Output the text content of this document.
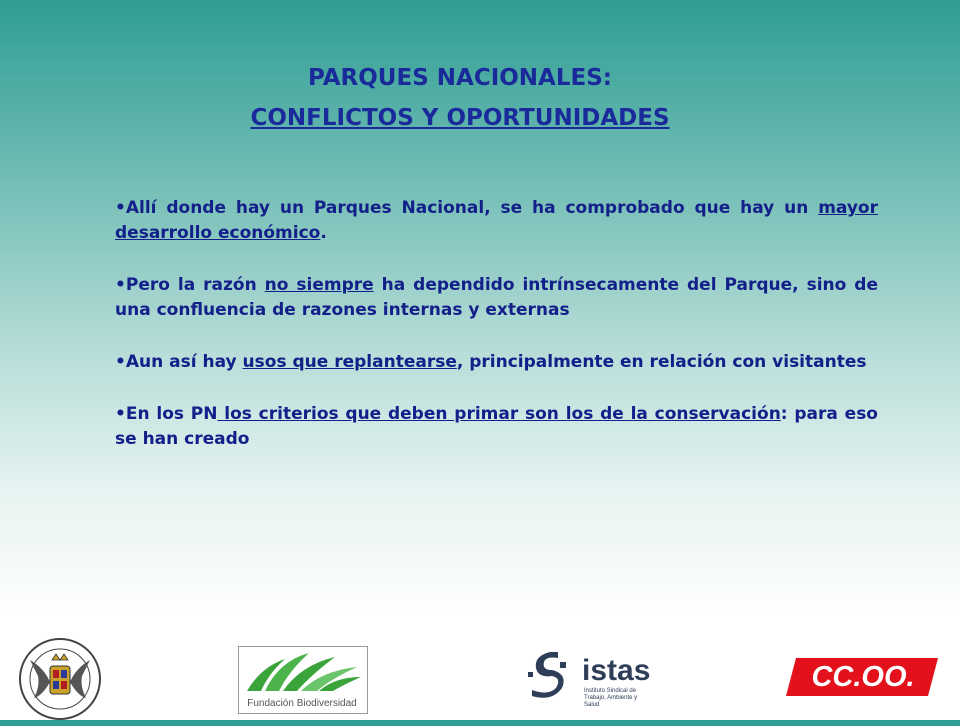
PARQUES NACIONALES:
CONFLICTOS Y OPORTUNIDADES

•Allí donde hay un Parques Nacional, se ha comprobado que hay un mayor desarrollo económico.

•Pero la razón no siempre ha dependido intrínsecamente del Parque, sino de una confluencia de razones internas y externas

•Aun así hay usos que replantearse, principalmente en relación con visitantes

•En los PN los criterios que deben primar son los de la conservación: para eso se han creado

Fundación Biodiversidad
istas
Instituto Sindical de Trabajo, Ambiente y Salud
CC.OO.
